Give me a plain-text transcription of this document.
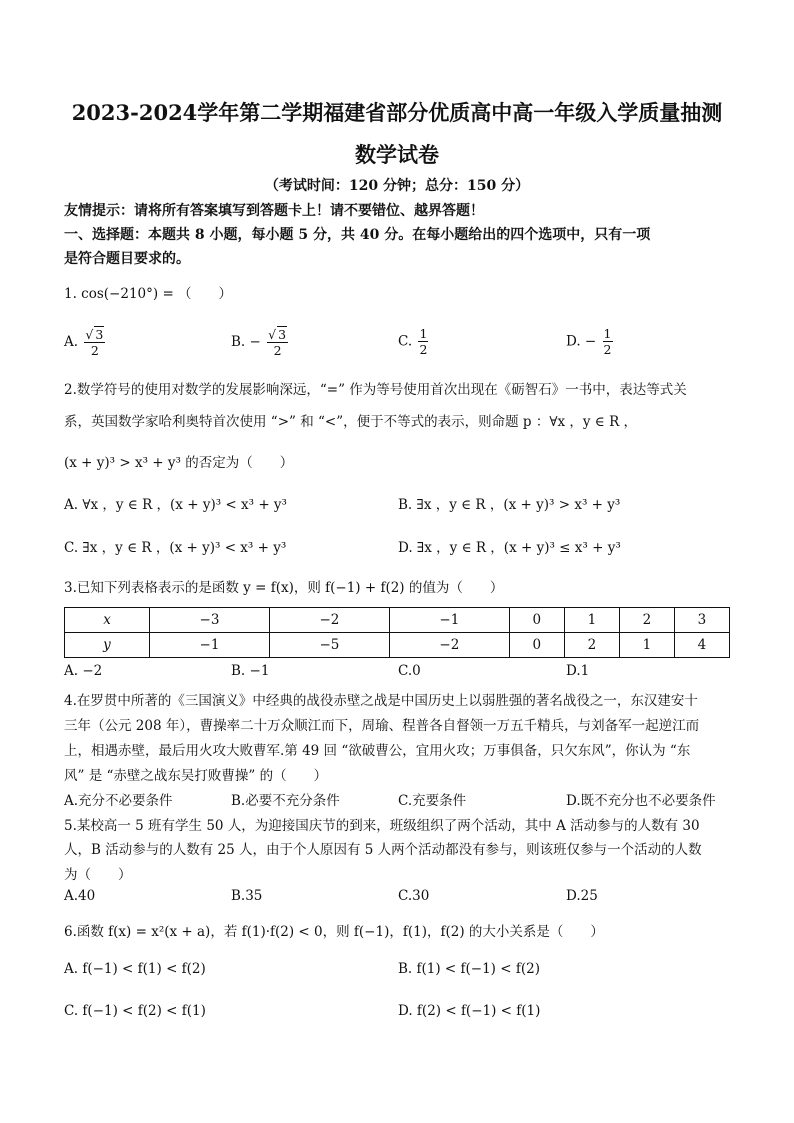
2023-2024学年第二学期福建省部分优质高中高一年级入学质量抽测
数学试卷
（考试时间：120 分钟；总分：150 分）
友情提示：请将所有答案填写到答题卡上！请不要错位、越界答题！
一、选择题：本题共 8 小题，每小题 5 分，共 40 分。在每小题给出的四个选项中，只有一项
是符合题目要求的。
1. cos(−210°) = （　　）
A. $\frac{√ 3}{2}$	B. − $\frac{√ 3}{2}$	C. $\frac{1}{2}$	D. − $\frac{1}{2}$
2.数学符号的使用对数学的发展影响深远，“=” 作为等号使用首次出现在《砺智石》一书中，表达等式关
系，英国数学家哈利奥特首次使用 “>” 和 “<”，便于不等式的表示，则命题 p ：∀x ，y ∈ R ，
(x + y)³ > x³ + y³ 的否定为（　　）
A. ∀x ，y ∈ R ，(x + y)³ < x³ + y³	B. ∃x ，y ∈ R ，(x + y)³ > x³ + y³
C. ∃x ，y ∈ R ，(x + y)³ < x³ + y³	D. ∃x ，y ∈ R ，(x + y)³ ≤ x³ + y³
3.已知下列表格表示的是函数 y = f(x)，则 f(−1) + f(2) 的值为（　　）
x	−3	−2	−1	0	1	2	3
y	−1	−5	−2	0	2	1	4
A. −2	B. −1	C.0	D.1
4.在罗贯中所著的《三国演义》中经典的战役赤壁之战是中国历史上以弱胜强的著名战役之一，东汉建安十
三年（公元 208 年），曹操率二十万众顺江而下，周瑜、程普各自督领一万五千精兵，与刘备军一起逆江而
上，相遇赤壁，最后用火攻大败曹军.第 49 回 “欲破曹公，宜用火攻；万事俱备，只欠东风”，你认为 “东
风” 是 “赤壁之战东吴打败曹操” 的（　　）
A.充分不必要条件	B.必要不充分条件	C.充要条件	D.既不充分也不必要条件
5.某校高一 5 班有学生 50 人，为迎接国庆节的到来，班级组织了两个活动，其中 A 活动参与的人数有 30
人，B 活动参与的人数有 25 人，由于个人原因有 5 人两个活动都没有参与，则该班仅参与一个活动的人数
为（　　）
A.40	B.35	C.30	D.25
6.函数 f(x) = x²(x + a)，若 f(1)·f(2) < 0，则 f(−1)，f(1)，f(2) 的大小关系是（　　）
A. f(−1) < f(1) < f(2)	B. f(1) < f(−1) < f(2)
C. f(−1) < f(2) < f(1)	D. f(2) < f(−1) < f(1)
